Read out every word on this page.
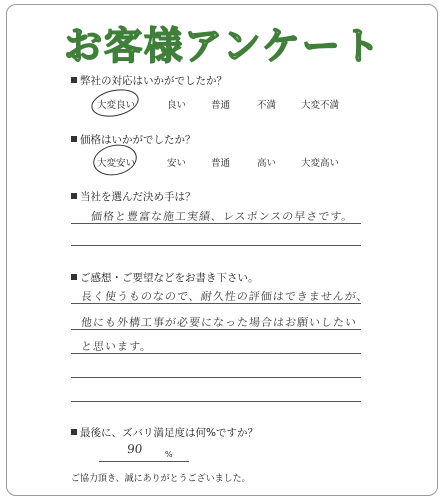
お客様アンケート
弊社の対応はいかがでしたか？
大変良い	良い	普通	不満	大変不満
価格はいかがでしたか？
大変安い	安い	普通	高い	大変高い
当社を選んだ決め手は？
価格と豊富な施工実績、レスポンスの早さです。
ご感想・ご要望などをお書き下さい。
長く使うものなので、耐久性の評価はできませんが、
他にも外構工事が必要になった場合はお願いしたい
と思います。
最後に、ズバリ満足度は何%ですか？
90	%
ご協力頂き、誠にありがとうございました。
